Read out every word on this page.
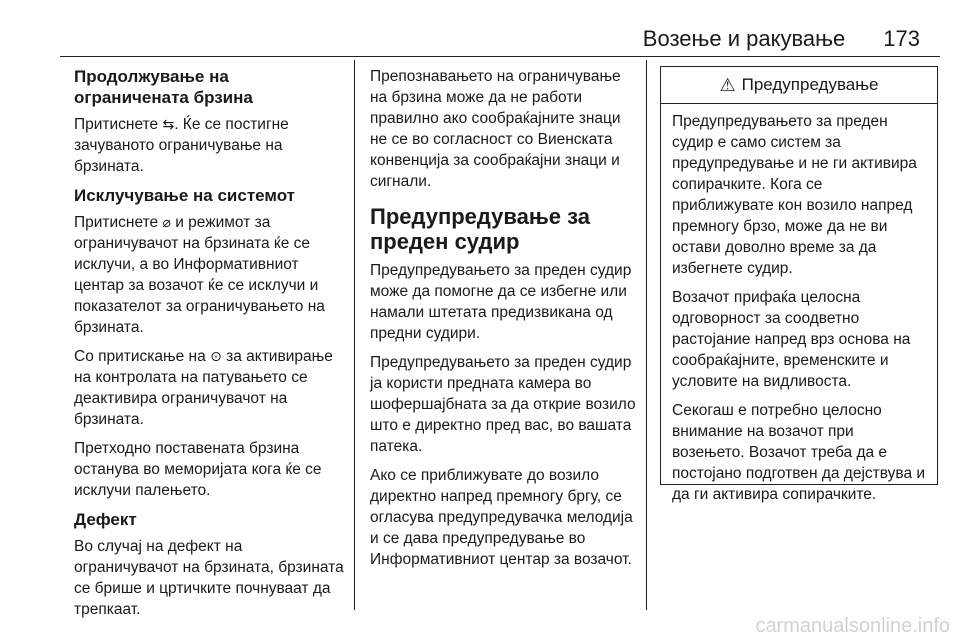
Возење и ракување 173
Продолжување на ограничената брзина

Притиснете ⇆. Ќе се постигне зачуваното ограничување на брзината.

Исклучување на системот

Притиснете ⌀ и режимот за ограничувачот на брзината ќе се исклучи, а во Информативниот центар за возачот ќе се исклучи и показателот за ограничувањето на брзината.

Со притискање на ⊙ за активирање на контролата на патувањето се деактивира ограничувачот на брзината.

Претходно поставената брзина останува во меморијата кога ќе се исклучи палењето.

Дефект

Во случај на дефект на ограничувачот на брзината, брзината се брише и цртичките почнуваат да трепкаат.

Препознавањето на ограничувањe на брзина може да не работи правилно ако сообраќајните знаци не се во согласност со Виенската конвенција за сообраќајни знаци и сигнали.

Предупредување за преден судир

Предупредувањето за преден судир може да помогне да се избегне или намали штетата предизвикана од предни судири.

Предупредувањето за преден судир ја користи предната камера во шофершајбната за да открие возило што е директно пред вас, во вашата патека.

Ако се приближувате до возило директно напред премногу бргу, се огласува предупредувачка мелодија и се дава предупредување во Информативниот центар за возачот.

⚠ Предупредување

Предупредувањето за преден судир е само систем за предупредување и не ги активира сопирачките. Кога се приближувате кон возило напред премногу брзо, може да не ви остави доволно време за да избегнете судир.

Возачот прифаќа целосна одговорност за соодветно растојание напред врз основа на сообраќајните, временските и условите на видливоста.

Секогаш е потребно целосно внимание на возачот при возењето. Возачот треба да е постојано подготвен да дејствува и да ги активира сопирачките.

carmanualsonline.info
